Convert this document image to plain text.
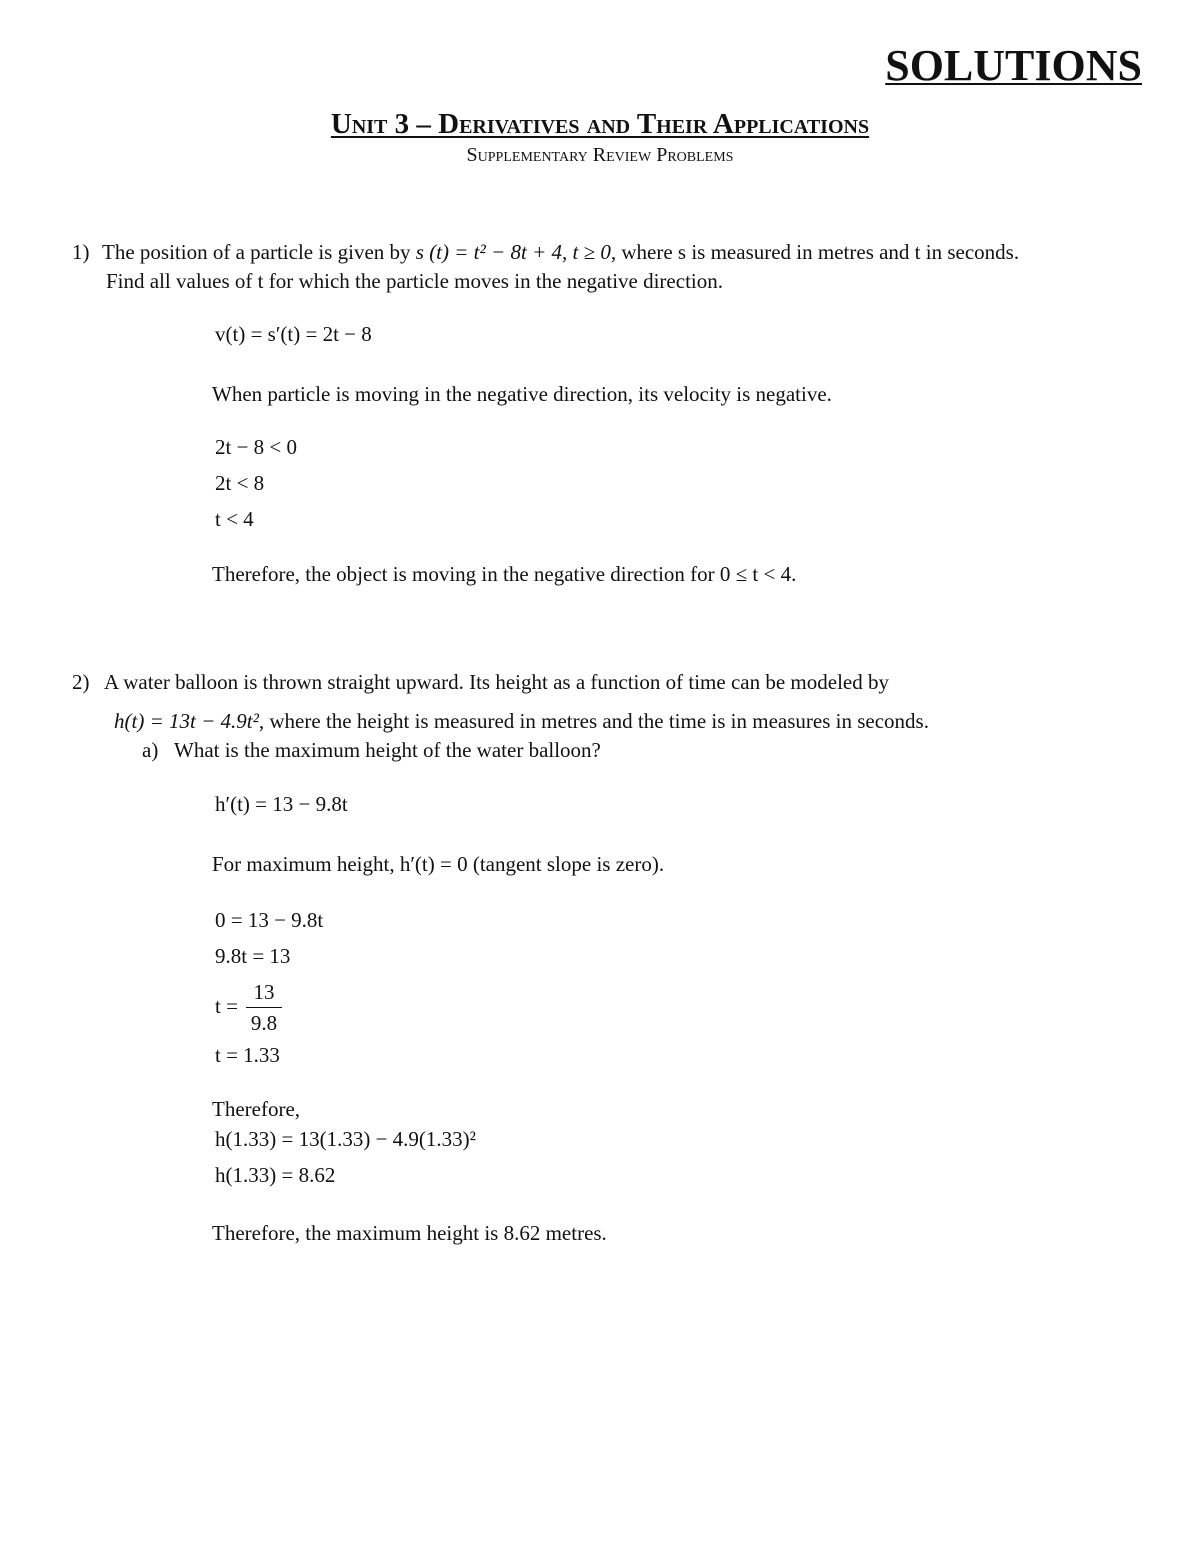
SOLUTIONS
Unit 3 – Derivatives and Their Applications
Supplementary Review Problems
1) The position of a particle is given by s (t) = t² − 8t + 4, t ≥ 0, where s is measured in metres and t in seconds.
Find all values of t for which the particle moves in the negative direction.
v(t) = s′(t) = 2t − 8
When particle is moving in the negative direction, its velocity is negative.
2t − 8 < 0
2t < 8
t < 4
Therefore, the object is moving in the negative direction for 0 ≤ t < 4.
2) A water balloon is thrown straight upward. Its height as a function of time can be modeled by
h(t) = 13t − 4.9t², where the height is measured in metres and the time is in measures in seconds.
a) What is the maximum height of the water balloon?
h′(t) = 13 − 9.8t
For maximum height, h′(t) = 0 (tangent slope is zero).
0 = 13 − 9.8t
9.8t = 13
t =
13
9.8
t = 1.33
Therefore,
h(1.33) = 13(1.33) − 4.9(1.33)²
h(1.33) = 8.62
Therefore, the maximum height is 8.62 metres.
